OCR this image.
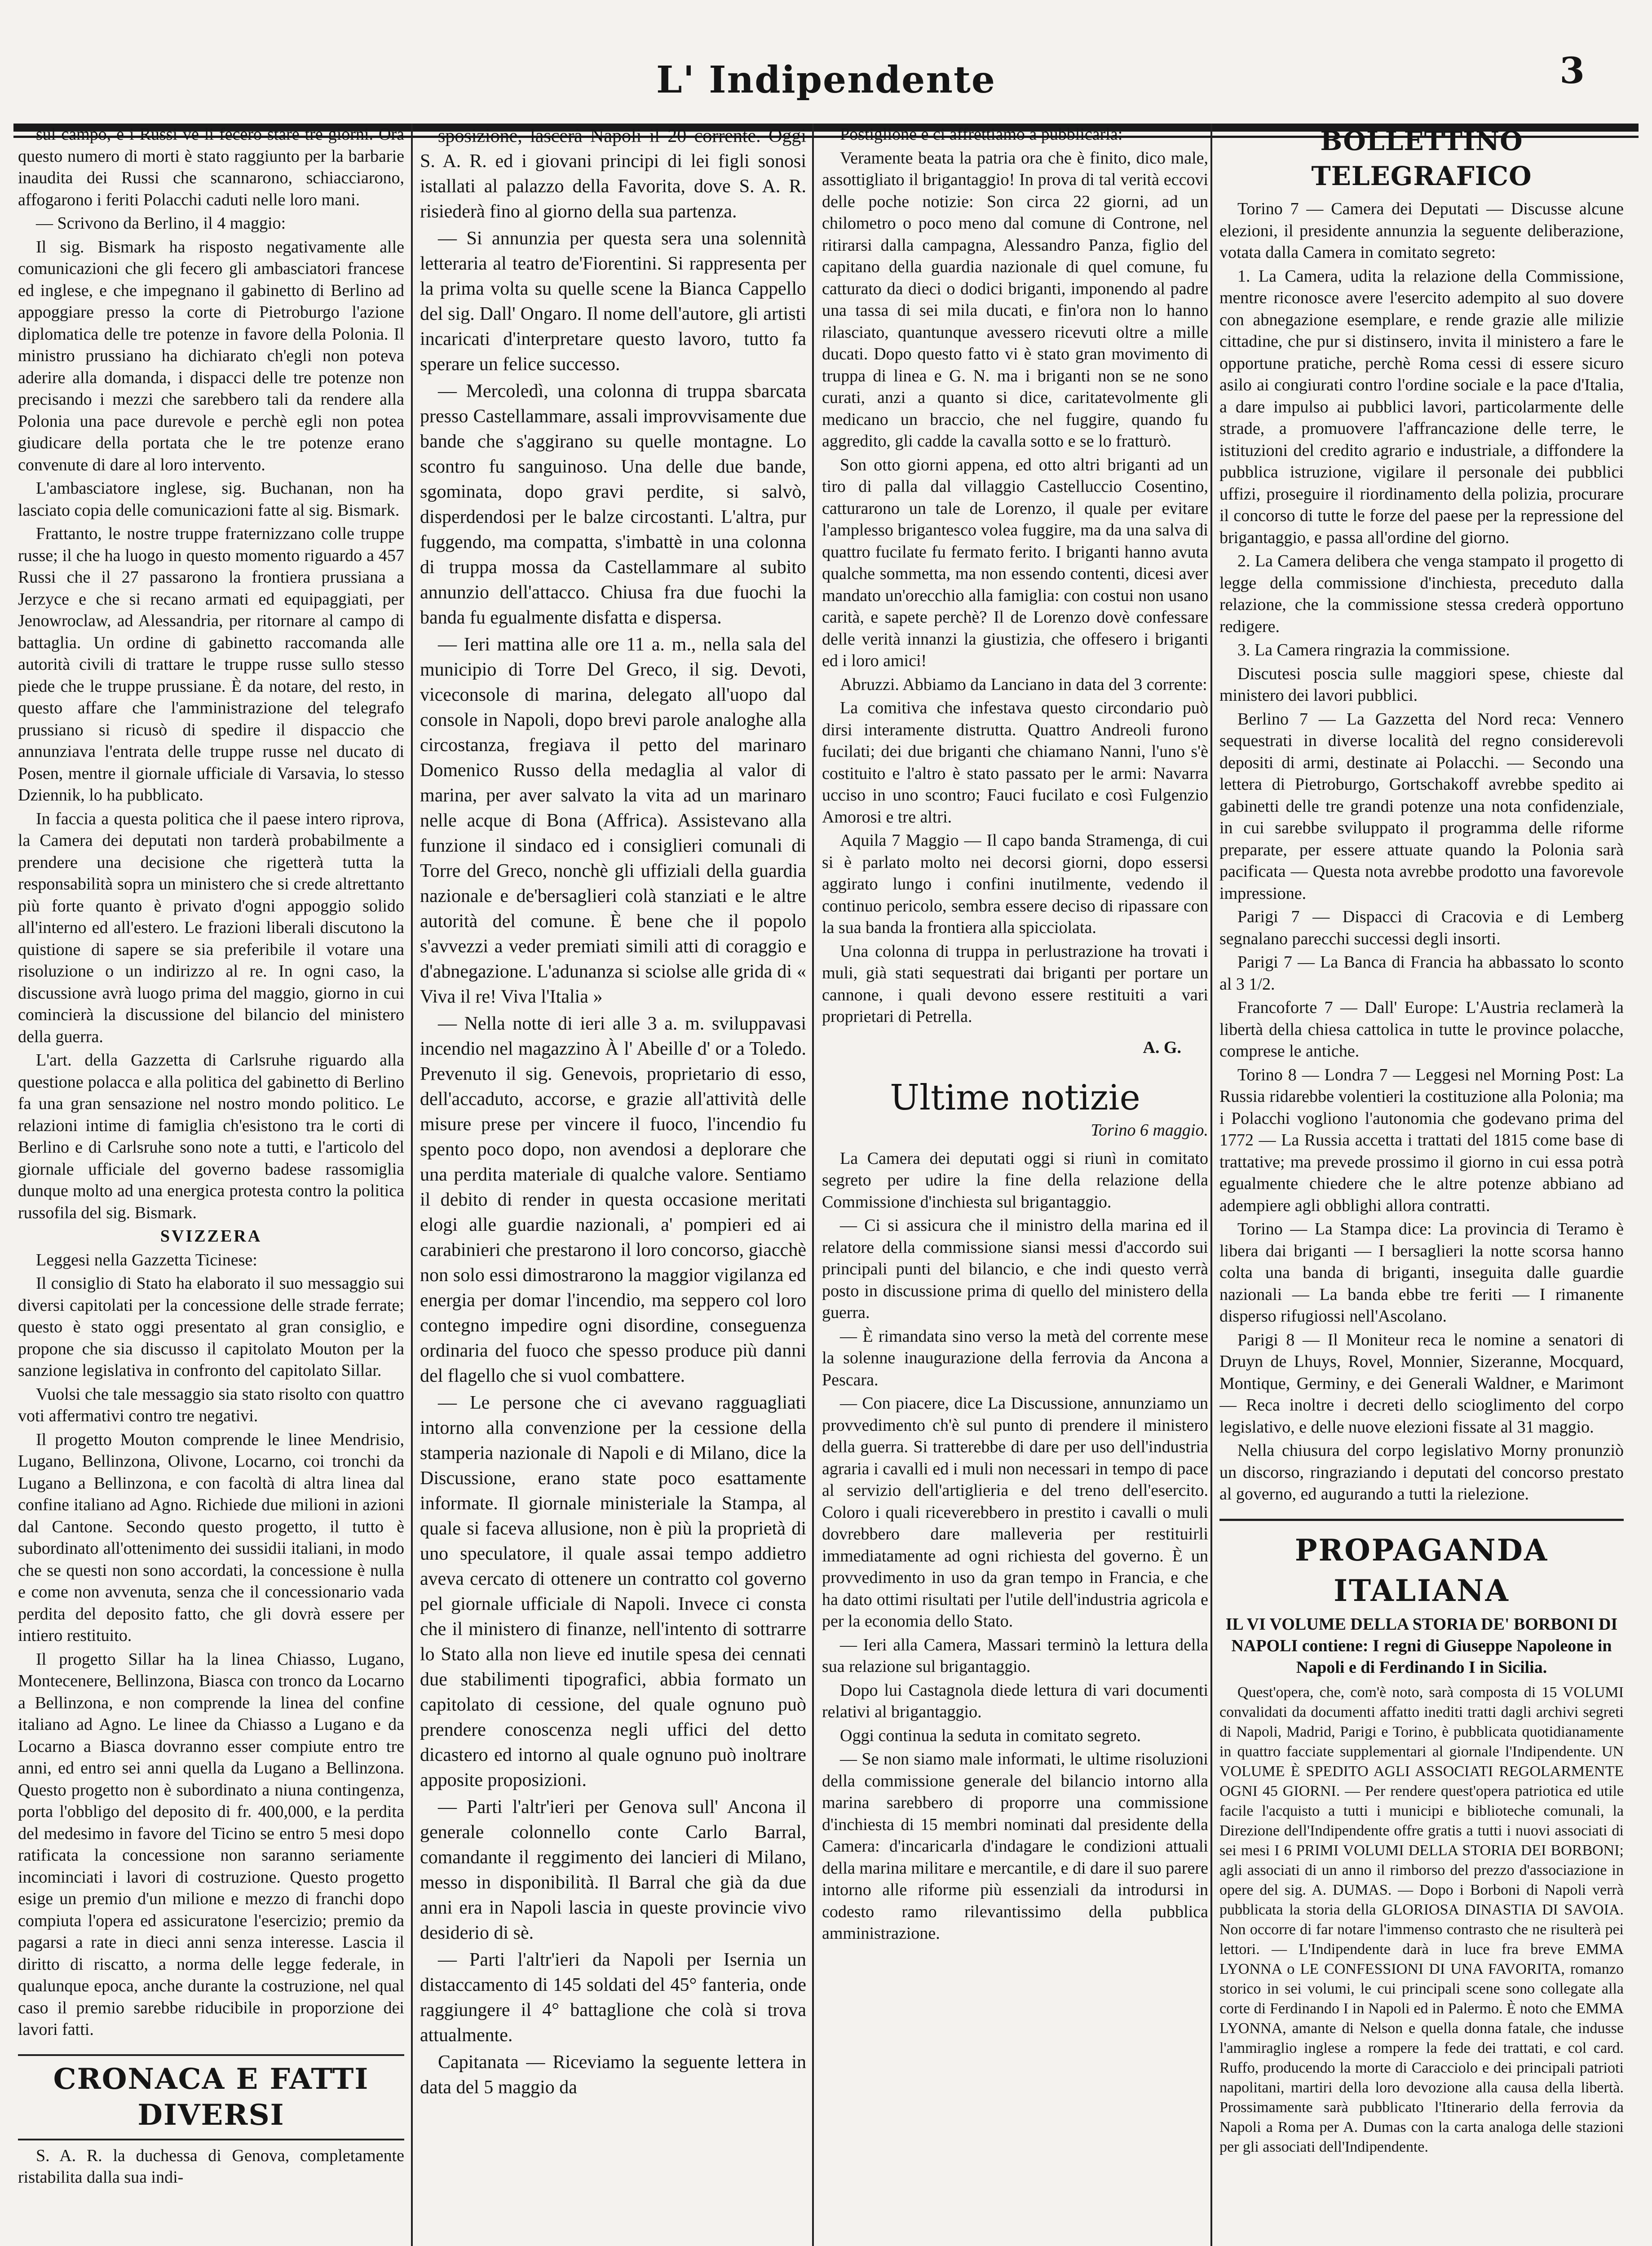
L' Indipendente	3

sul campo, e i Russi ve li fecero stare tre giorni. Ora questo numero di morti è stato raggiunto per la barbarie inaudita dei Russi che scannarono, schiacciarono, affogarono i feriti Polacchi caduti nelle loro mani.

— Scrivono da Berlino, il 4 maggio:

Il sig. Bismark ha risposto negativamente alle comunicazioni che gli fecero gli ambasciatori francese ed inglese, e che impegnano il gabinetto di Berlino ad appoggiare presso la corte di Pietroburgo l'azione diplomatica delle tre potenze in favore della Polonia. Il ministro prussiano ha dichiarato ch'egli non poteva aderire alla domanda, i dispacci delle tre potenze non precisando i mezzi che sarebbero tali da rendere alla Polonia una pace durevole e perchè egli non potea giudicare della portata che le tre potenze erano convenute di dare al loro intervento.

L'ambasciatore inglese, sig. Buchanan, non ha lasciato copia delle comunicazioni fatte al sig. Bismark.

Frattanto, le nostre truppe fraternizzano colle truppe russe; il che ha luogo in questo momento riguardo a 457 Russi che il 27 passarono la frontiera prussiana a Jerzyce e che si recano armati ed equipaggiati, per Jenowroclaw, ad Alessandria, per ritornare al campo di battaglia. Un ordine di gabinetto raccomanda alle autorità civili di trattare le truppe russe sullo stesso piede che le truppe prussiane. È da notare, del resto, in questo affare che l'amministrazione del telegrafo prussiano si ricusò di spedire il dispaccio che annunziava l'entrata delle truppe russe nel ducato di Posen, mentre il giornale ufficiale di Varsavia, lo stesso Dziennik, lo ha pubblicato.

In faccia a questa politica che il paese intero riprova, la Camera dei deputati non tarderà probabilmente a prendere una decisione che rigetterà tutta la responsabilità sopra un ministero che si crede altrettanto più forte quanto è privato d'ogni appoggio solido all'interno ed all'estero. Le frazioni liberali discutono la quistione di sapere se sia preferibile il votare una risoluzione o un indirizzo al re. In ogni caso, la discussione avrà luogo prima del maggio, giorno in cui comincierà la discussione del bilancio del ministero della guerra.

L'art. della Gazzetta di Carlsruhe riguardo alla questione polacca e alla politica del gabinetto di Berlino fa una gran sensazione nel nostro mondo politico. Le relazioni intime di famiglia ch'esistono tra le corti di Berlino e di Carlsruhe sono note a tutti, e l'articolo del giornale ufficiale del governo badese rassomiglia dunque molto ad una energica protesta contro la politica russofila del sig. Bismark.

SVIZZERA

Leggesi nella Gazzetta Ticinese:

Il consiglio di Stato ha elaborato il suo messaggio sui diversi capitolati per la concessione delle strade ferrate; questo è stato oggi presentato al gran consiglio, e propone che sia discusso il capitolato Mouton per la sanzione legislativa in confronto del capitolato Sillar.

Vuolsi che tale messaggio sia stato risolto con quattro voti affermativi contro tre negativi.

Il progetto Mouton comprende le linee Mendrisio, Lugano, Bellinzona, Olivone, Locarno, coi tronchi da Lugano a Bellinzona, e con facoltà di altra linea dal confine italiano ad Agno. Richiede due milioni in azioni dal Cantone. Secondo questo progetto, il tutto è subordinato all'ottenimento dei sussidii italiani, in modo che se questi non sono accordati, la concessione è nulla e come non avvenuta, senza che il concessionario vada perdita del deposito fatto, che gli dovrà essere per intiero restituito.

Il progetto Sillar ha la linea Chiasso, Lugano, Montecenere, Bellinzona, Biasca con tronco da Locarno a Bellinzona, e non comprende la linea del confine italiano ad Agno. Le linee da Chiasso a Lugano e da Locarno a Biasca dovranno esser compiute entro tre anni, ed entro sei anni quella da Lugano a Bellinzona. Questo progetto non è subordinato a niuna contingenza, porta l'obbligo del deposito di fr. 400,000, e la perdita del medesimo in favore del Ticino se entro 5 mesi dopo ratificata la concessione non saranno seriamente incominciati i lavori di costruzione. Questo progetto esige un premio d'un milione e mezzo di franchi dopo compiuta l'opera ed assicuratone l'esercizio; premio da pagarsi a rate in dieci anni senza interesse. Lascia il diritto di riscatto, a norma delle legge federale, in qualunque epoca, anche durante la costruzione, nel qual caso il premio sarebbe riducibile in proporzione dei lavori fatti.

CRONACA E FATTI DIVERSI

S. A. R. la duchessa di Genova, completamente ristabilita dalla sua indi-

sposizione, lascerà Napoli il 20 corrente. Oggi S. A. R. ed i giovani principi di lei figli sonosi istallati al palazzo della Favorita, dove S. A. R. risiederà fino al giorno della sua partenza.

— Si annunzia per questa sera una solennità letteraria al teatro de'Fiorentini. Si rappresenta per la prima volta su quelle scene la Bianca Cappello del sig. Dall' Ongaro. Il nome dell'autore, gli artisti incaricati d'interpretare questo lavoro, tutto fa sperare un felice successo.

— Mercoledì, una colonna di truppa sbarcata presso Castellammare, assali improvvisamente due bande che s'aggirano su quelle montagne. Lo scontro fu sanguinoso. Una delle due bande, sgominata, dopo gravi perdite, si salvò, disperdendosi per le balze circostanti. L'altra, pur fuggendo, ma compatta, s'imbattè in una colonna di truppa mossa da Castellammare al subito annunzio dell'attacco. Chiusa fra due fuochi la banda fu egualmente disfatta e dispersa.

— Ieri mattina alle ore 11 a. m., nella sala del municipio di Torre Del Greco, il sig. Devoti, viceconsole di marina, delegato all'uopo dal console in Napoli, dopo brevi parole analoghe alla circostanza, fregiava il petto del marinaro Domenico Russo della medaglia al valor di marina, per aver salvato la vita ad un marinaro nelle acque di Bona (Affrica). Assistevano alla funzione il sindaco ed i consiglieri comunali di Torre del Greco, nonchè gli uffiziali della guardia nazionale e de'bersaglieri colà stanziati e le altre autorità del comune. È bene che il popolo s'avvezzi a veder premiati simili atti di coraggio e d'abnegazione. L'adunanza si sciolse alle grida di « Viva il re! Viva l'Italia »

— Nella notte di ieri alle 3 a. m. sviluppavasi incendio nel magazzino À l' Abeille d' or a Toledo. Prevenuto il sig. Genevois, proprietario di esso, dell'accaduto, accorse, e grazie all'attività delle misure prese per vincere il fuoco, l'incendio fu spento poco dopo, non avendosi a deplorare che una perdita materiale di qualche valore. Sentiamo il debito di render in questa occasione meritati elogi alle guardie nazionali, a' pompieri ed ai carabinieri che prestarono il loro concorso, giacchè non solo essi dimostrarono la maggior vigilanza ed energia per domar l'incendio, ma seppero col loro contegno impedire ogni disordine, conseguenza ordinaria del fuoco che spesso produce più danni del flagello che si vuol combattere.

— Le persone che ci avevano ragguagliati intorno alla convenzione per la cessione della stamperia nazionale di Napoli e di Milano, dice la Discussione, erano state poco esattamente informate. Il giornale ministeriale la Stampa, al quale si faceva allusione, non è più la proprietà di uno speculatore, il quale assai tempo addietro aveva cercato di ottenere un contratto col governo pel giornale ufficiale di Napoli. Invece ci consta che il ministero di finanze, nell'intento di sottrarre lo Stato alla non lieve ed inutile spesa dei cennati due stabilimenti tipografici, abbia formato un capitolato di cessione, del quale ognuno può prendere conoscenza negli uffici del detto dicastero ed intorno al quale ognuno può inoltrare apposite proposizioni.

— Parti l'altr'ieri per Genova sull' Ancona il generale colonnello conte Carlo Barral, comandante il reggimento dei lancieri di Milano, messo in disponibilità. Il Barral che già da due anni era in Napoli lascia in queste provincie vivo desiderio di sè.

— Parti l'altr'ieri da Napoli per Isernia un distaccamento di 145 soldati del 45° fanteria, onde raggiungere il 4° battaglione che colà si trova attualmente.

Capitanata — Riceviamo la seguente lettera in data del 5 maggio da

Postiglione e ci affrettiamo a pubblicarla:

Veramente beata la patria ora che è finito, dico male, assottigliato il brigantaggio! In prova di tal verità eccovi delle poche notizie: Son circa 22 giorni, ad un chilometro o poco meno dal comune di Controne, nel ritirarsi dalla campagna, Alessandro Panza, figlio del capitano della guardia nazionale di quel comune, fu catturato da dieci o dodici briganti, imponendo al padre una tassa di sei mila ducati, e fin'ora non lo hanno rilasciato, quantunque avessero ricevuti oltre a mille ducati. Dopo questo fatto vi è stato gran movimento di truppa di linea e G. N. ma i briganti non se ne sono curati, anzi a quanto si dice, caritatevolmente gli medicano un braccio, che nel fuggire, quando fu aggredito, gli cadde la cavalla sotto e se lo fratturò.

Son otto giorni appena, ed otto altri briganti ad un tiro di palla dal villaggio Castelluccio Cosentino, catturarono un tale de Lorenzo, il quale per evitare l'amplesso brigantesco volea fuggire, ma da una salva di quattro fucilate fu fermato ferito. I briganti hanno avuta qualche sommetta, ma non essendo contenti, dicesi aver mandato un'orecchio alla famiglia: con costui non usano carità, e sapete perchè? Il de Lorenzo dovè confessare delle verità innanzi la giustizia, che offesero i briganti ed i loro amici!

Abruzzi. Abbiamo da Lanciano in data del 3 corrente:

La comitiva che infestava questo circondario può dirsi interamente distrutta. Quattro Andreoli furono fucilati; dei due briganti che chiamano Nanni, l'uno s'è costituito e l'altro è stato passato per le armi: Navarra ucciso in uno scontro; Fauci fucilato e così Fulgenzio Amorosi e tre altri.

Aquila 7 Maggio — Il capo banda Stramenga, di cui si è parlato molto nei decorsi giorni, dopo essersi aggirato lungo i confini inutilmente, vedendo il continuo pericolo, sembra essere deciso di ripassare con la sua banda la frontiera alla spicciolata.

Una colonna di truppa in perlustrazione ha trovati i muli, già stati sequestrati dai briganti per portare un cannone, i quali devono essere restituiti a vari proprietari di Petrella.

A. G.
Ultime notizie
Torino 6 maggio.

La Camera dei deputati oggi si riunì in comitato segreto per udire la fine della relazione della Commissione d'inchiesta sul brigantaggio.

— Ci si assicura che il ministro della marina ed il relatore della commissione siansi messi d'accordo sui principali punti del bilancio, e che indi questo verrà posto in discussione prima di quello del ministero della guerra.

— È rimandata sino verso la metà del corrente mese la solenne inaugurazione della ferrovia da Ancona a Pescara.

— Con piacere, dice La Discussione, annunziamo un provvedimento ch'è sul punto di prendere il ministero della guerra. Si tratterebbe di dare per uso dell'industria agraria i cavalli ed i muli non necessari in tempo di pace al servizio dell'artiglieria e del treno dell'esercito. Coloro i quali riceverebbero in prestito i cavalli o muli dovrebbero dare malleveria per restituirli immediatamente ad ogni richiesta del governo. È un provvedimento in uso da gran tempo in Francia, e che ha dato ottimi risultati per l'utile dell'industria agricola e per la economia dello Stato.

— Ieri alla Camera, Massari terminò la lettura della sua relazione sul brigantaggio.

Dopo lui Castagnola diede lettura di vari documenti relativi al brigantaggio.

Oggi continua la seduta in comitato segreto.

— Se non siamo male informati, le ultime risoluzioni della commissione generale del bilancio intorno alla marina sarebbero di proporre una commissione d'inchiesta di 15 membri nominati dal presidente della Camera: d'incaricarla d'indagare le condizioni attuali della marina militare e mercantile, e di dare il suo parere intorno alle riforme più essenziali da introdursi in codesto ramo rilevantissimo della pubblica amministrazione.

BOLLETTINO TELEGRAFICO

Torino 7 — Camera dei Deputati — Discusse alcune elezioni, il presidente annunzia la seguente deliberazione, votata dalla Camera in comitato segreto:

1. La Camera, udita la relazione della Commissione, mentre riconosce avere l'esercito adempito al suo dovere con abnegazione esemplare, e rende grazie alle milizie cittadine, che pur si distinsero, invita il ministero a fare le opportune pratiche, perchè Roma cessi di essere sicuro asilo ai congiurati contro l'ordine sociale e la pace d'Italia, a dare impulso ai pubblici lavori, particolarmente delle strade, a promuovere l'affrancazione delle terre, le istituzioni del credito agrario e industriale, a diffondere la pubblica istruzione, vigilare il personale dei pubblici uffizi, proseguire il riordinamento della polizia, procurare il concorso di tutte le forze del paese per la repressione del brigantaggio, e passa all'ordine del giorno.

2. La Camera delibera che venga stampato il progetto di legge della commissione d'inchiesta, preceduto dalla relazione, che la commissione stessa crederà opportuno redigere.

3. La Camera ringrazia la commissione.

Discutesi poscia sulle maggiori spese, chieste dal ministero dei lavori pubblici.

Berlino 7 — La Gazzetta del Nord reca: Vennero sequestrati in diverse località del regno considerevoli depositi di armi, destinate ai Polacchi. — Secondo una lettera di Pietroburgo, Gortschakoff avrebbe spedito ai gabinetti delle tre grandi potenze una nota confidenziale, in cui sarebbe sviluppato il programma delle riforme preparate, per essere attuate quando la Polonia sarà pacificata — Questa nota avrebbe prodotto una favorevole impressione.

Parigi 7 — Dispacci di Cracovia e di Lemberg segnalano parecchi successi degli insorti.

Parigi 7 — La Banca di Francia ha abbassato lo sconto al 3 1/2.

Francoforte 7 — Dall' Europe: L'Austria reclamerà la libertà della chiesa cattolica in tutte le province polacche, comprese le antiche.

Torino 8 — Londra 7 — Leggesi nel Morning Post: La Russia ridarebbe volentieri la costituzione alla Polonia; ma i Polacchi vogliono l'autonomia che godevano prima del 1772 — La Russia accetta i trattati del 1815 come base di trattative; ma prevede prossimo il giorno in cui essa potrà egualmente chiedere che le altre potenze abbiano ad adempiere agli obblighi allora contratti.

Torino — La Stampa dice: La provincia di Teramo è libera dai briganti — I bersaglieri la notte scorsa hanno colta una banda di briganti, inseguita dalle guardie nazionali — La banda ebbe tre feriti — I rimanente disperso rifugiossi nell'Ascolano.

Parigi 8 — Il Moniteur reca le nomine a senatori di Druyn de Lhuys, Rovel, Monnier, Sizeranne, Mocquard, Montique, Germiny, e dei Generali Waldner, e Marimont — Reca inoltre i decreti dello scioglimento del corpo legislativo, e delle nuove elezioni fissate al 31 maggio.

Nella chiusura del corpo legislativo Morny pronunziò un discorso, ringraziando i deputati del concorso prestato al governo, ed augurando a tutti la rielezione.

PROPAGANDA ITALIANA
IL VI VOLUME DELLA STORIA DE' BORBONI DI NAPOLI contiene: I regni di Giuseppe Napoleone in Napoli e di Ferdinando I in Sicilia.

Quest'opera, che, com'è noto, sarà composta di 15 VOLUMI convalidati da documenti affatto inediti tratti dagli archivi segreti di Napoli, Madrid, Parigi e Torino, è pubblicata quotidianamente in quattro facciate supplementari al giornale l'Indipendente. UN VOLUME È SPEDITO AGLI ASSOCIATI REGOLARMENTE OGNI 45 GIORNI. — Per rendere quest'opera patriotica ed utile facile l'acquisto a tutti i municipi e biblioteche comunali, la Direzione dell'Indipendente offre gratis a tutti i nuovi associati di sei mesi I 6 PRIMI VOLUMI DELLA STORIA DEI BORBONI; agli associati di un anno il rimborso del prezzo d'associazione in opere del sig. A. DUMAS. — Dopo i Borboni di Napoli verrà pubblicata la storia della GLORIOSA DINASTIA DI SAVOIA. Non occorre di far notare l'immenso contrasto che ne risulterà pei lettori. — L'Indipendente darà in luce fra breve EMMA LYONNA o LE CONFESSIONI DI UNA FAVORITA, romanzo storico in sei volumi, le cui principali scene sono collegate alla corte di Ferdinando I in Napoli ed in Palermo. È noto che EMMA LYONNA, amante di Nelson e quella donna fatale, che indusse l'ammiraglio inglese a rompere la fede dei trattati, e col card. Ruffo, producendo la morte di Caracciolo e dei principali patrioti napolitani, martiri della loro devozione alla causa della libertà. Prossimamente sarà pubblicato l'Itinerario della ferrovia da Napoli a Roma per A. Dumas con la carta analoga delle stazioni per gli associati dell'Indipendente.
